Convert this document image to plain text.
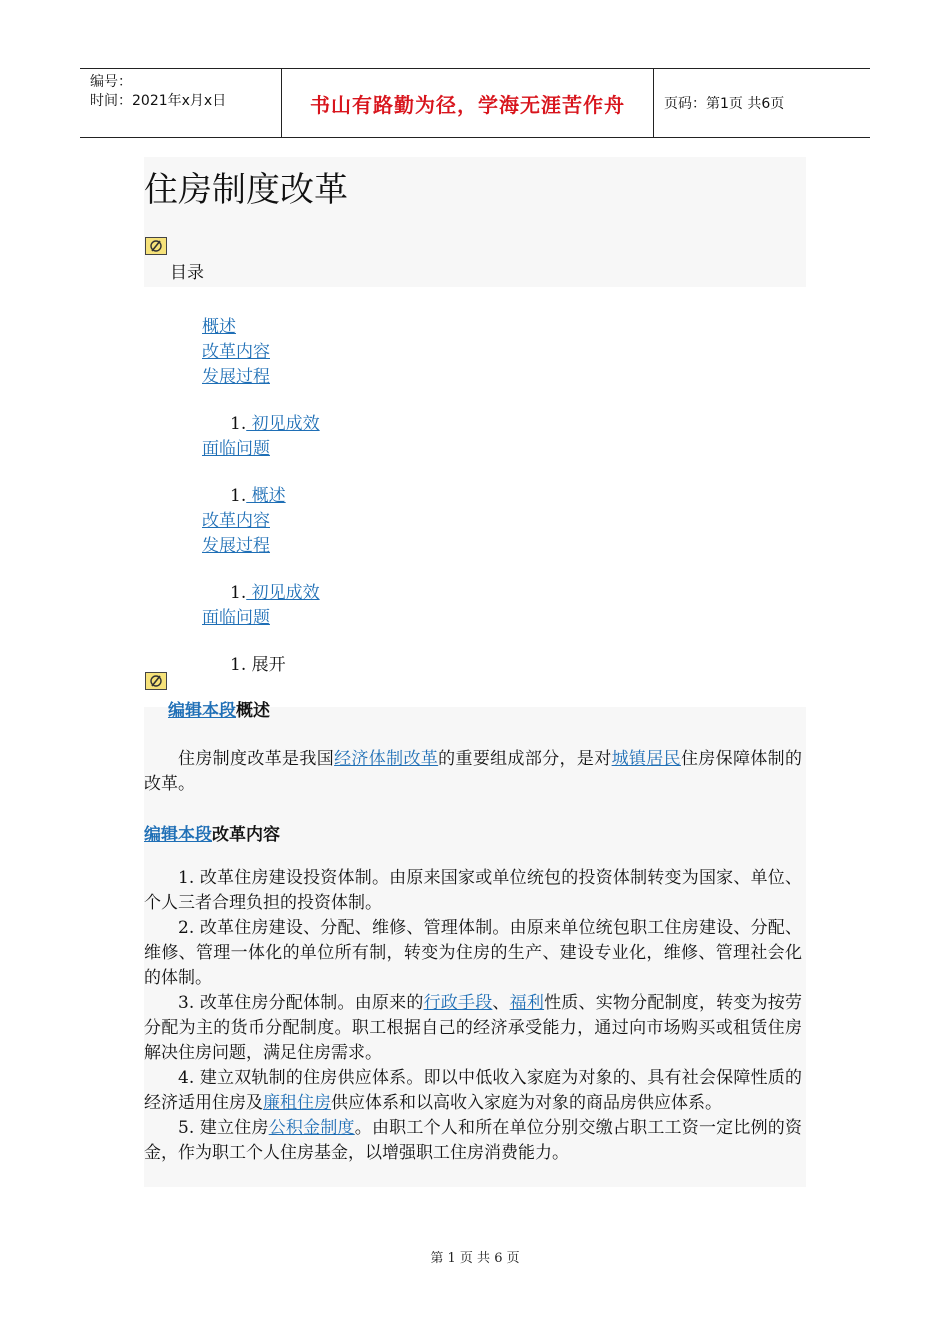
编号：
时间：2021年x月x日	书山有路勤为径，学海无涯苦作舟	页码：第1页 共6页
住房制度改革
目录
概述
改革内容
发展过程
1. 初见成效
面临问题
1. 概述
改革内容
发展过程
1. 初见成效
面临问题
1. 展开
编辑本段概述

住房制度改革是我国经济体制改革的重要组成部分，是对城镇居民住房保障体制的改革。

编辑本段改革内容

1. 改革住房建设投资体制。由原来国家或单位统包的投资体制转变为国家、单位、个人三者合理负担的投资体制。

2. 改革住房建设、分配、维修、管理体制。由原来单位统包职工住房建设、分配、维修、管理一体化的单位所有制，转变为住房的生产、建设专业化，维修、管理社会化的体制。

3. 改革住房分配体制。由原来的行政手段、福利性质、实物分配制度，转变为按劳分配为主的货币分配制度。职工根据自己的经济承受能力，通过向市场购买或租赁住房解决住房问题，满足住房需求。

4. 建立双轨制的住房供应体系。即以中低收入家庭为对象的、具有社会保障性质的经济适用住房及廉租住房供应体系和以高收入家庭为对象的商品房供应体系。

5. 建立住房公积金制度。由职工个人和所在单位分别交缴占职工工资一定比例的资金，作为职工个人住房基金，以增强职工住房消费能力。

第 1 页 共 6 页
